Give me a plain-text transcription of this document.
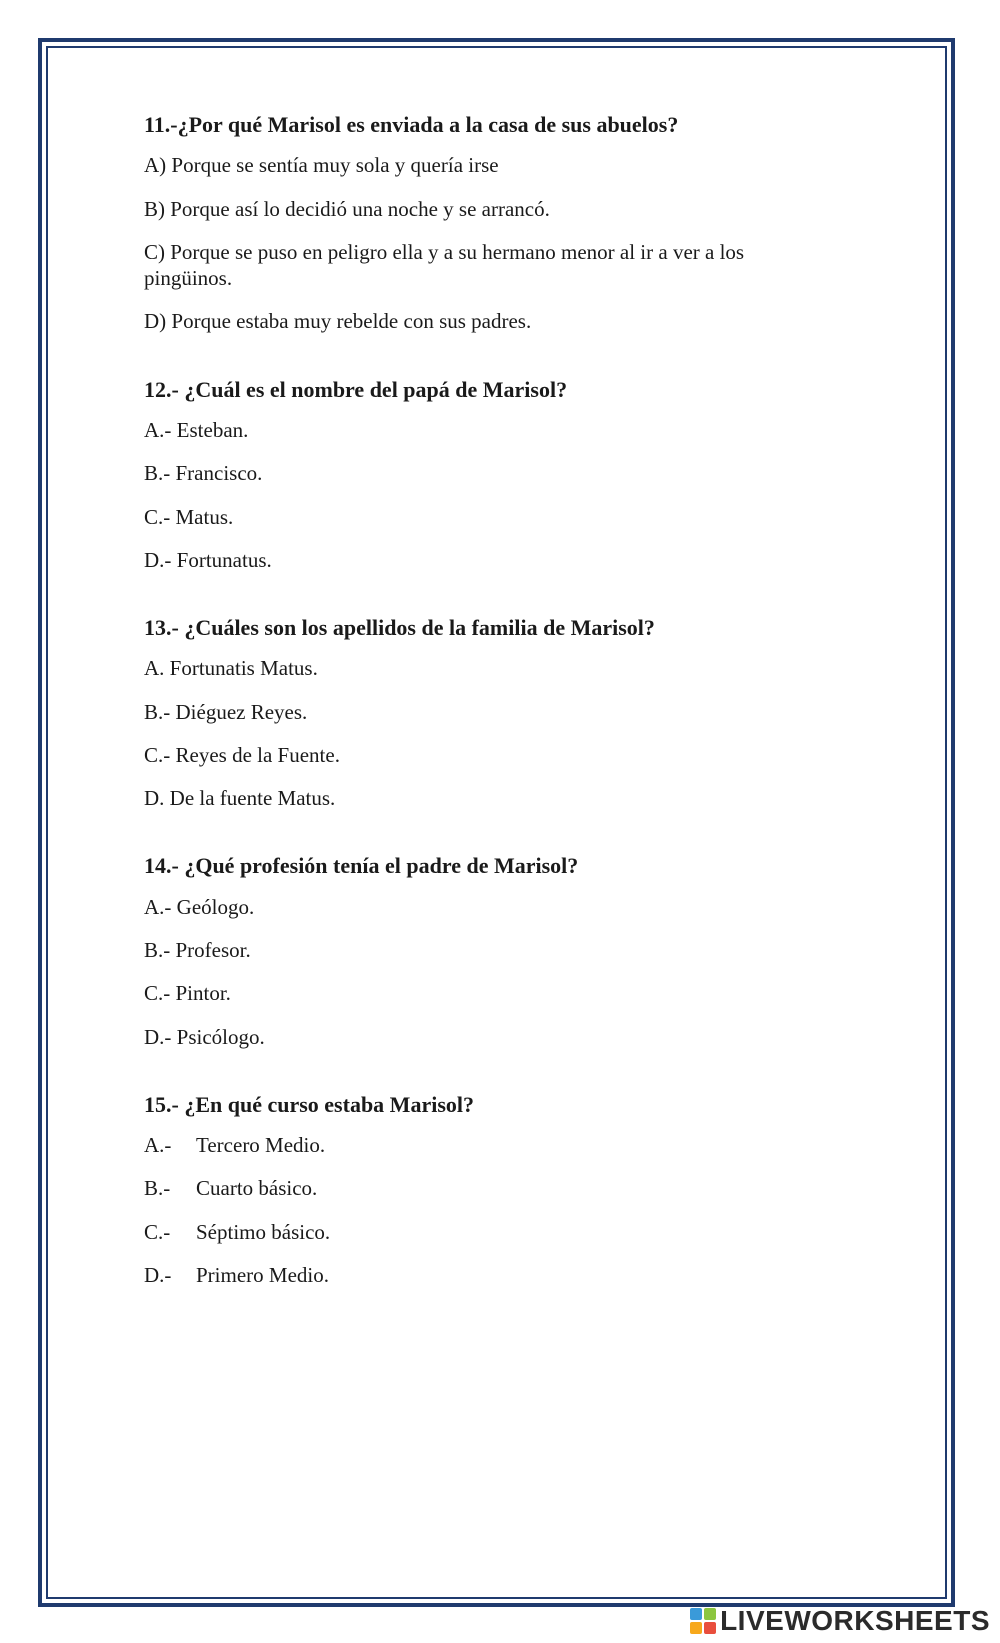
11.-¿Por qué Marisol es enviada a la casa de sus abuelos?

A) Porque se sentía muy sola y quería irse

B) Porque así lo decidió una noche y se arrancó.

C) Porque se puso en peligro ella y a su hermano menor al ir a ver a los pingüinos.

D) Porque estaba muy rebelde con sus padres.

12.- ¿Cuál es el nombre del papá de Marisol?

A.- Esteban.

B.- Francisco.

C.- Matus.

D.- Fortunatus.

13.- ¿Cuáles son los apellidos de la familia de Marisol?

A. Fortunatis Matus.

B.- Diéguez Reyes.

C.- Reyes de la Fuente.

D. De la fuente Matus.

14.- ¿Qué profesión tenía el padre de Marisol?

A.- Geólogo.

B.- Profesor.

C.- Pintor.

D.- Psicólogo.

15.- ¿En qué curso estaba Marisol?

A.- Tercero Medio.

B.- Cuarto básico.

C.- Séptimo básico.

D.- Primero Medio.

LIVEWORKSHEETS
